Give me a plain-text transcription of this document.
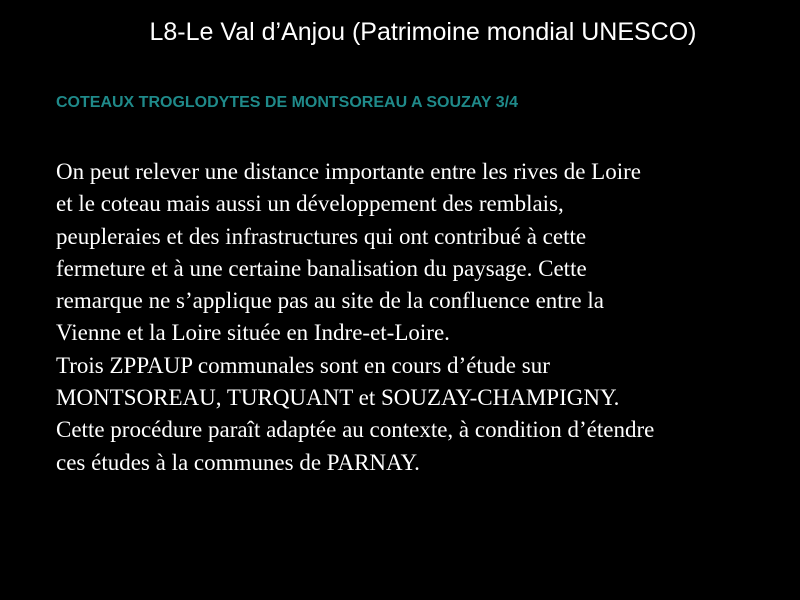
L8-Le Val d’Anjou (Patrimoine mondial UNESCO)
COTEAUX TROGLODYTES DE MONTSOREAU A SOUZAY 3/4
On peut relever une distance importante entre les rives de Loire
et le coteau mais aussi un développement des remblais,
peupleraies et des infrastructures qui ont contribué à cette
fermeture et à une certaine banalisation du paysage. Cette
remarque ne s’applique pas au site de la confluence entre la
Vienne et la Loire située en Indre-et-Loire.
Trois ZPPAUP communales sont en cours d’étude sur
MONTSOREAU, TURQUANT et SOUZAY-CHAMPIGNY.
Cette procédure paraît adaptée au contexte, à condition d’étendre
ces études à la communes de PARNAY.
